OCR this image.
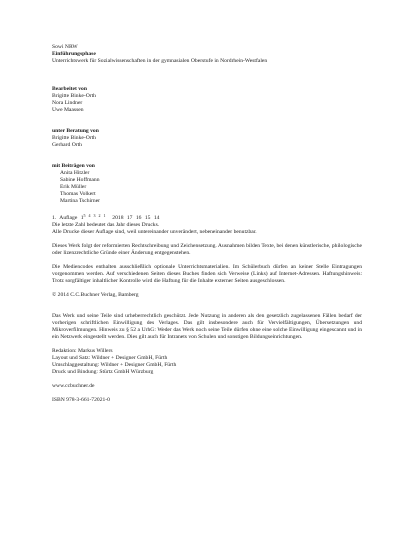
Sowi NRW
Einführungsphase
Unterrichtswerk für Sozialwissenschaften in der gymnasialen Oberstufe in Nordrhein-Westfalen
Bearbeitet von
Brigitte Binke-Orth
Nora Lindner
Uwe Maassen
unter Beratung von
Brigitte Binke-Orth
Gerhard Orth
mit Beiträgen von
Anita Hitzler
Sabine Hoffmann
Erik Müller
Thomas Volkert
Martina Tschirner
1. Auflage $1^{5 4 3 2 1}$ 2018 17 16 15 14
Die letzte Zahl bedeutet das Jahr dieses Drucks.
Alle Drucke dieser Auflage sind, weil untereinander unverändert, nebeneinander benutzbar.
Dieses Werk folgt der reformierten Rechtschreibung und Zeichensetzung. Ausnahmen bilden Texte, bei denen künstlerische, philologische oder lizenzrechtliche Gründe einer Änderung entgegenstehen.
Die Mediencodes enthalten ausschließlich optionale Unterrichtsmaterialien. Im Schülerbuch dürfen an keiner Stelle Eintragungen vorgenommen werden. Auf verschiedenen Seiten dieses Buches finden sich Verweise (Links) auf Internet-Adressen. Haftungshinweis: Trotz sorgfältiger inhaltlicher Kontrolle wird die Haftung für die Inhalte externer Seiten ausgeschlossen.
© 2014 C.C.Buchner Verlag, Bamberg
Das Werk und seine Teile sind urheberrechtlich geschützt. Jede Nutzung in anderen als den gesetzlich zugelassenen Fällen bedarf der vorherigen schriftlichen Einwilligung des Verlages. Das gilt insbesondere auch für Vervielfältigungen, Übersetzungen und Mikroverfilmungen. Hinweis zu § 52 a UrhG: Weder das Werk noch seine Teile dürfen ohne eine solche Einwilligung eingescannt und in ein Netzwerk eingestellt werden. Dies gilt auch für Intranets von Schulen und sonstigen Bildungseinrichtungen.
Redaktion: Markus Willers
Layout und Satz: Wildner + Designer GmbH, Fürth
Umschlaggestaltung: Wildner + Designer GmbH, Fürth
Druck und Bindung: Stürtz GmbH Würzburg
www.ccbuchner.de
ISBN 978-3-661-72021-0
